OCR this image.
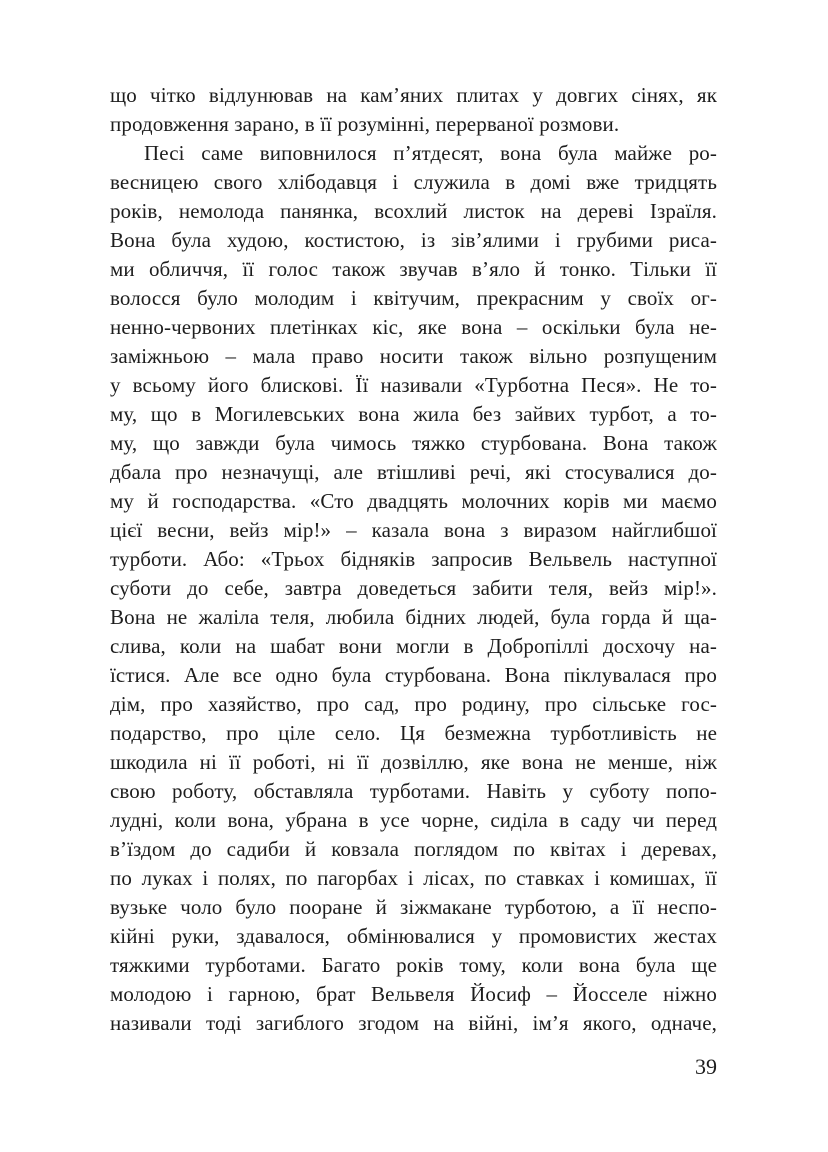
що чітко відлунював на кам’яних плитах у довгих сінях, як
продовження зарано, в її розумінні, перерваної розмови.
Песі саме виповнилося п’ятдесят, вона була майже ро-
весницею свого хлібодавця і служила в домі вже тридцять
років, немолода панянка, всохлий листок на дереві Ізраїля.
Вона була худою, костистою, із зів’ялими і грубими риса-
ми обличчя, її голос також звучав в’яло й тонко. Тільки її
волосся було молодим і квітучим, прекрасним у своїх ог-
ненно-червоних плетінках кіс, яке вона – оскільки була не-
заміжньою – мала право носити також вільно розпущеним
у всьому його блискові. Її називали «Турботна Песя». Не то-
му, що в Могилевських вона жила без зайвих турбот, а то-
му, що завжди була чимось тяжко стурбована. Вона також
дбала про незначущі, але втішливі речі, які стосувалися до-
му й господарства. «Сто двадцять молочних корів ми маємо
цієї весни, вейз мір!» – казала вона з виразом найглибшої
турботи. Або: «Трьох бідняків запросив Вельвель наступної
суботи до себе, завтра доведеться забити теля, вейз мір!».
Вона не жаліла теля, любила бідних людей, була горда й ща-
слива, коли на шабат вони могли в Добропіллі досхочу на-
їстися. Але все одно була стурбована. Вона піклувалася про
дім, про хазяйство, про сад, про родину, про сільське гос-
подарство, про ціле село. Ця безмежна турботливість не
шкодила ні її роботі, ні її дозвіллю, яке вона не менше, ніж
свою роботу, обставляла турботами. Навіть у суботу попо-
лудні, коли вона, убрана в усе чорне, сиділа в саду чи перед
в’їздом до садиби й ковзала поглядом по квітах і деревах,
по луках і полях, по пагорбах і лісах, по ставках і комишах, її
вузьке чоло було пооране й зіжмакане турботою, а її неспо-
кійні руки, здавалося, обмінювалися у промовистих жестах
тяжкими турботами. Багато років тому, коли вона була ще
молодою і гарною, брат Вельвеля Йосиф – Йосселе ніжно
називали тоді загиблого згодом на війні, ім’я якого, одначе,
39
